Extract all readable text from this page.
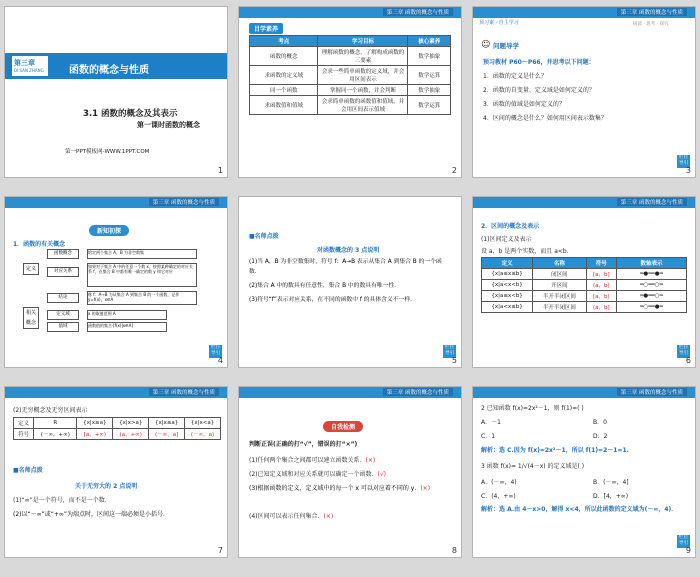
第三章
DI SAN ZHANG	函数的概念与性质
3.1 函数的概念及其表示
第一课时函数的概念
第一PPT模板网-WWW.1PPT.COM
1
第三章 函数的概念与性质
目学素养
考点	学习目标	核心素养
函数的概念	理解函数的概念，了解构成函数的三要素	数学抽象
求函数的定义域	会求一些简单函数的定义域，并会用区间表示	数学运算
同一个函数	掌握同一个函数，并会判断	数学抽象
求函数值和值域	会求简单函数的函数值和值域，并会用区间表示值域	数学运算
2
第三章 函数的概念与性质
预习案 · 自主学习	研读 · 思考 · 探究
☺ 问题导学
预习教材 P60～P66，并思考以下问题：
1．函数的定义是什么？
2．函数的自变量、定义域是如何定义的？
3．函数的值域是如何定义的？
4．区间的概念是什么？如何用区间表示数集？
栏目导引
3
第三章 函数的概念与性质
新知初探
1．函数的有关概念
定义
相关概念
函数概念
对应关系
结论
定义域
值域
给定两个集合 A，B 为非空数集
如果对于集合 A 中的任意一个数 x，按照某种确定的对应关系 f，在集合 B 中都有唯一确定的数 y 和它对应
称 f：A→B 为从集合 A 到集合 B 的一个函数，记作 y=f(x)，x∈A
x 的取值范围 A
函数值的集合{f(x)|x∈A}
栏目导引
4
■名师点拨
对函数概念的 3 点说明
(1)当 A，B 为非空数集时，符号 f：A→B 表示从集合 A 到集合 B 的一个函数．
(2)集合 A 中的数具有任意性，集合 B 中的数具有唯一性．
(3)符号“f”表示对应关系，在不同的函数中 f 的具体含义不一样．
栏目导引
5
第三章 函数的概念与性质
2．区间的概念及表示
(1)区间定义及表示
设 a，b 是两个实数，而且 a<b．
定义	名称	符号	数轴表示
{x|a≤x≤b}	闭区间	[a，b]	━●━━●━
{x|a<x<b}	开区间	(a，b)	━○━━○━
{x|a≤x<b}	半开半闭区间	[a，b)	━●━━○━
{x|a<x≤b}	半开半闭区间	(a，b]	━○━━●━
栏目导引
6
第三章 函数的概念与性质
(2)无穷概念及无穷区间表示
定义	R	{x|x≥a}	{x|x>a}	{x|x≤a}	{x|x<a}
符号	(－∞，+∞)	[a，+∞)	(a，+∞)	(－∞，a]	(－∞，a)
■名师点拨
关于无穷大的 2 点说明
(1)“∞”是一个符号，而不是一个数．
(2)以“－∞”或“+∞”为端点时，区间这一端必须是小括号．
7
第三章 函数的概念与性质
自我检测
判断正误(正确的打“√”，错误的打“×”)
(1)任何两个集合之间都可以建立函数关系．(×)
(2)已知定义域和对应关系就可以确定一个函数．(√)
(3)根据函数的定义，定义域中的每一个 x 可以对应着不同的 y．(×)
(4)区间可以表示任何集合．(×)
8
第三章 函数的概念与性质
2 已知函数 f(x)=2x²－1，则 f(1)=( )
A．－1	B．0
C．1	D．2
解析：选 C.因为 f(x)=2x²－1，所以 f(1)=2－1=1.
3 函数 f(x)= 1/√(4－x) 的定义域是( )
A．(－∞，4)	B．(－∞，4]
C．(4，+∞)	D．[4，+∞)
解析：选 A.由 4－x>0，解得 x<4，所以此函数的定义域为(－∞，4)．
栏目导引
9
